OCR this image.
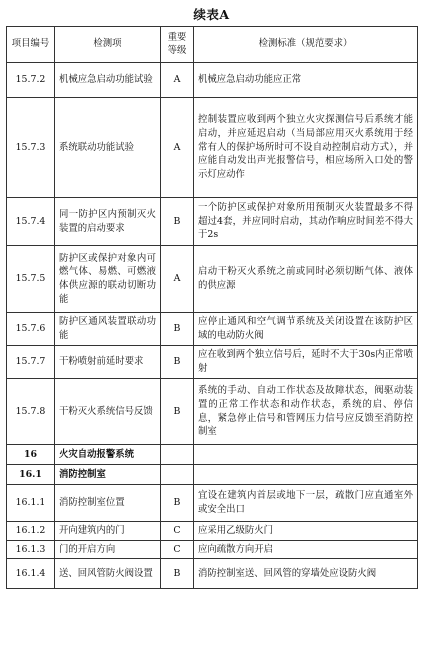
续表A
项目编号	检测项	重要等级	检测标准（规范要求）
15.7.2	机械应急启动功能试验	A	机械应急启动功能应正常
15.7.3	系统联动功能试验	A	控制装置应收到两个独立火灾探测信号后系统才能启动，并应延迟启动（当局部应用灭火系统用于经常有人的保护场所时可不设自动控制启动方式），并应能自动发出声光报警信号，相应场所入口处的警示灯应动作
15.7.4	同一防护区内预制灭火装置的启动要求	B	一个防护区或保护对象所用预制灭火装置最多不得超过4套，并应同时启动，其动作响应时间差不得大于2s
15.7.5	防护区或保护对象内可燃气体、易燃、可燃液体供应源的联动切断功能	A	启动干粉灭火系统之前或同时必须切断气体、液体的供应源
15.7.6	防护区通风装置联动功能	B	应停止通风和空气调节系统及关闭设置在该防护区域的电动防火阀
15.7.7	干粉喷射前延时要求	B	应在收到两个独立信号后，延时不大于30s内正常喷射
15.7.8	干粉灭火系统信号反馈	B	系统的手动、自动工作状态及故障状态，阀驱动装置的正常工作状态和动作状态，系统的启、停信息，紧急停止信号和管网压力信号应反馈至消防控制室
16	火灾自动报警系统		
16.1	消防控制室		
16.1.1	消防控制室位置	B	宜设在建筑内首层或地下一层，疏散门应直通室外或安全出口
16.1.2	开向建筑内的门	C	应采用乙级防火门
16.1.3	门的开启方向	C	应向疏散方向开启
16.1.4	送、回风管防火阀设置	B	消防控制室送、回风管的穿墙处应设防火阀
